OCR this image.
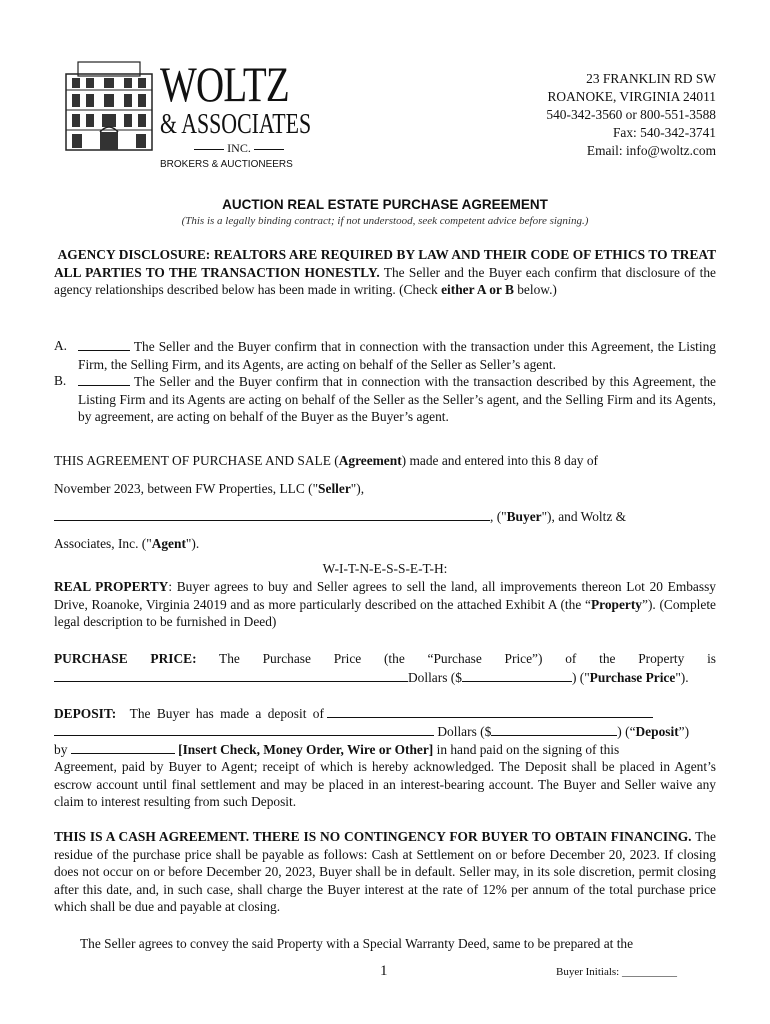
WOLTZ
& ASSOCIATES
INC.
BROKERS & AUCTIONEERS
23 FRANKLIN RD SW
ROANOKE, VIRGINIA 24011
540-342-3560 or 800-551-3588
Fax: 540-342-3741
Email: info@woltz.com
AUCTION REAL ESTATE PURCHASE AGREEMENT
(This is a legally binding contract; if not understood, seek competent advice before signing.)
AGENCY DISCLOSURE: REALTORS ARE REQUIRED BY LAW AND THEIR CODE OF ETHICS TO TREAT ALL PARTIES TO THE TRANSACTION HONESTLY. The Seller and the Buyer each confirm that disclosure of the agency relationships described below has been made in writing. (Check either A or B below.)
A.	The Seller and the Buyer confirm that in connection with the transaction under this Agreement, the Listing Firm, the Selling Firm, and its Agents, are acting on behalf of the Seller as Seller’s agent.
B.	The Seller and the Buyer confirm that in connection with the transaction described by this Agreement, the Listing Firm and its Agents are acting on behalf of the Seller as the Seller’s agent, and the Selling Firm and its Agents, by agreement, are acting on behalf of the Buyer as the Buyer’s agent.
THIS AGREEMENT OF PURCHASE AND SALE (Agreement) made and entered into this 8 day of
November 2023, between FW Properties, LLC ("Seller"),
, ("Buyer"), and Woltz &
Associates, Inc. ("Agent").
W-I-T-N-E-S-S-E-T-H:
REAL PROPERTY: Buyer agrees to buy and Seller agrees to sell the land, all improvements thereon Lot 20 Embassy Drive, Roanoke, Virginia 24019 and as more particularly described on the attached Exhibit A (the “Property”). (Complete legal description to be furnished in Deed)
PURCHASE PRICE: The Purchase Price (the “Purchase Price”) of the Property is
Dollars ($	) ("Purchase Price").
DEPOSIT: The Buyer has made a deposit of
Dollars ($	) (“Deposit”)
by	[Insert Check, Money Order, Wire or Other] in hand paid on the signing of this
Agreement, paid by Buyer to Agent; receipt of which is hereby acknowledged. The Deposit shall be placed in Agent’s escrow account until final settlement and may be placed in an interest-bearing account. The Buyer and Seller waive any claim to interest resulting from such Deposit.
THIS IS A CASH AGREEMENT. THERE IS NO CONTINGENCY FOR BUYER TO OBTAIN FINANCING. The residue of the purchase price shall be payable as follows: Cash at Settlement on or before December 20, 2023. If closing does not occur on or before December 20, 2023, Buyer shall be in default. Seller may, in its sole discretion, permit closing after this date, and, in such case, shall charge the Buyer interest at the rate of 12% per annum of the total purchase price which shall be due and payable at closing.
The Seller agrees to convey the said Property with a Special Warranty Deed, same to be prepared at the
1	Buyer Initials: __________
